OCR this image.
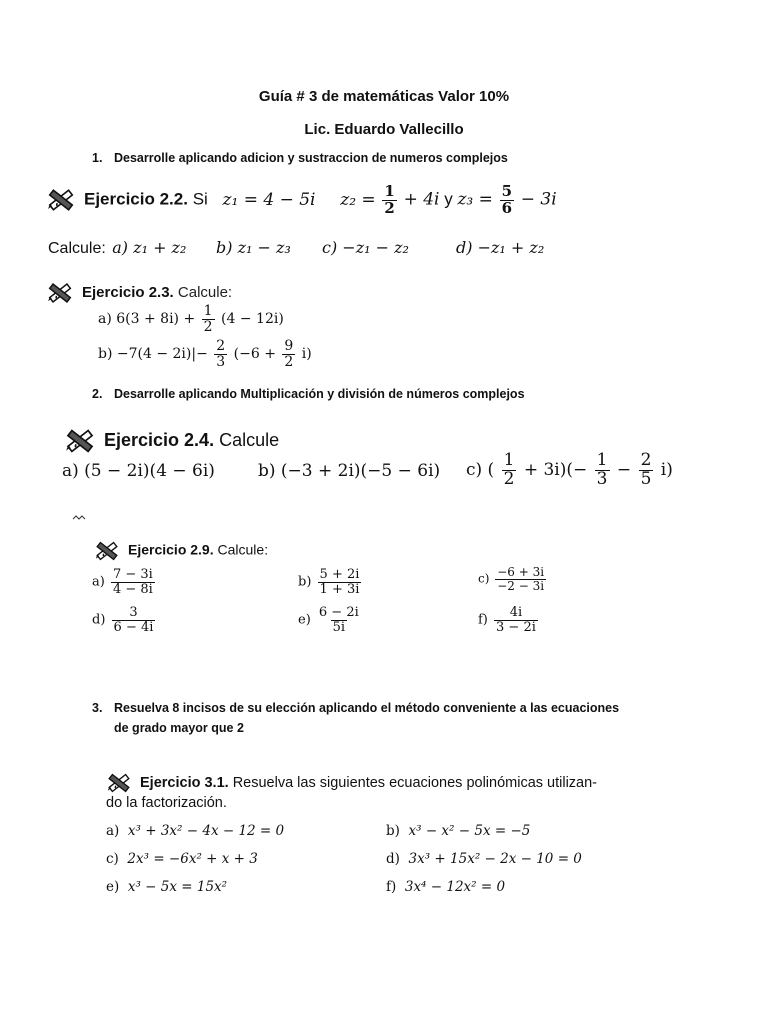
Guía # 3 de matemáticas Valor 10%
Lic. Eduardo Vallecillo
1. Desarrolle aplicando adicion y sustraccion de numeros complejos
Ejercicio 2.2. Si z₁ = 4 − 5i $z_2 = \frac{1}{2} + 4i$ y $z_3 = \frac{5}{6} - 3i$
Calcule: a) z₁ + z₂ b) z₁ − z₃ c) −z₁ − z₂	d) −z₁ + z₂
Ejercicio 2.3. Calcule:
a) $6(3 + 8i) + \frac{1}{2} (4 - 12i)$
$b) -7(4 - 2i)|- \frac{2}{3} (-6 + \frac{9}{2} i)$
2. Desarrolle aplicando Multiplicación y división de números complejos
Ejercicio 2.4. Calcule
a) (5 − 2i)(4 − 6i)	b) (−3 + 2i)(−5 − 6i) c) ( $\frac{1}{2} + 3i)(- \frac{1}{3} - \frac{2}{5} i)$
Ejercicio 2.9. Calcule:
$a) \frac{7 - 3i}{4 - 8i}$	$b) \frac{5 + 2i}{1 + 3i}$	$c) \frac{-6 + 3i}{-2 - 3i}$
$d) \frac{3}{6 - 4i}$	$e) \frac{6 - 2i}{5i}$	$f) \frac{4i}{3 - 2i}$
3. Resuelva 8 incisos de su elección aplicando el método conveniente a las ecuaciones
de grado mayor que 2
Ejercicio 3.1. Resuelva las siguientes ecuaciones polinómicas utilizan-
do la factorización.
a) x³ + 3x² − 4x − 12 = 0	b) x³ − x² − 5x = −5
c) 2x³ = −6x² + x + 3	d) 3x³ + 15x² − 2x − 10 = 0
e) x³ − 5x = 15x²	f) 3x⁴ − 12x² = 0
